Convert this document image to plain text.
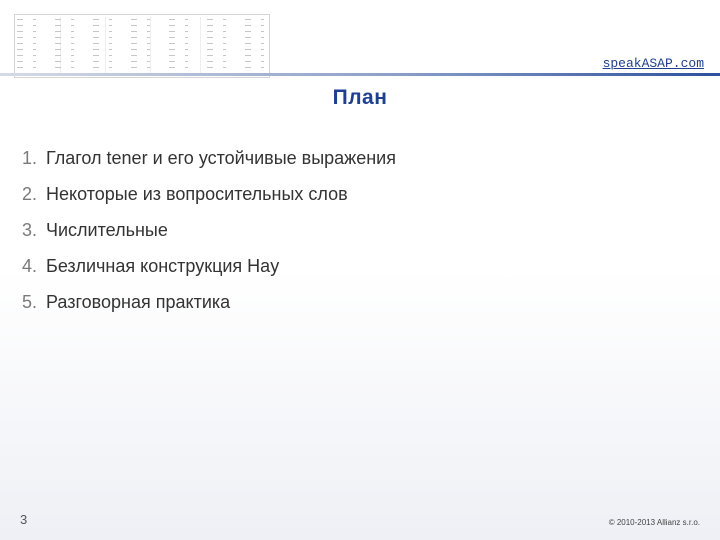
speakASAP.com
План
1. Глагол tener и его устойчивые выражения
2. Некоторые из вопросительных слов
3. Числительные
4. Безличная конструкция Hay
5. Разговорная практика
3	© 2010-2013 Allianz s.r.o.
